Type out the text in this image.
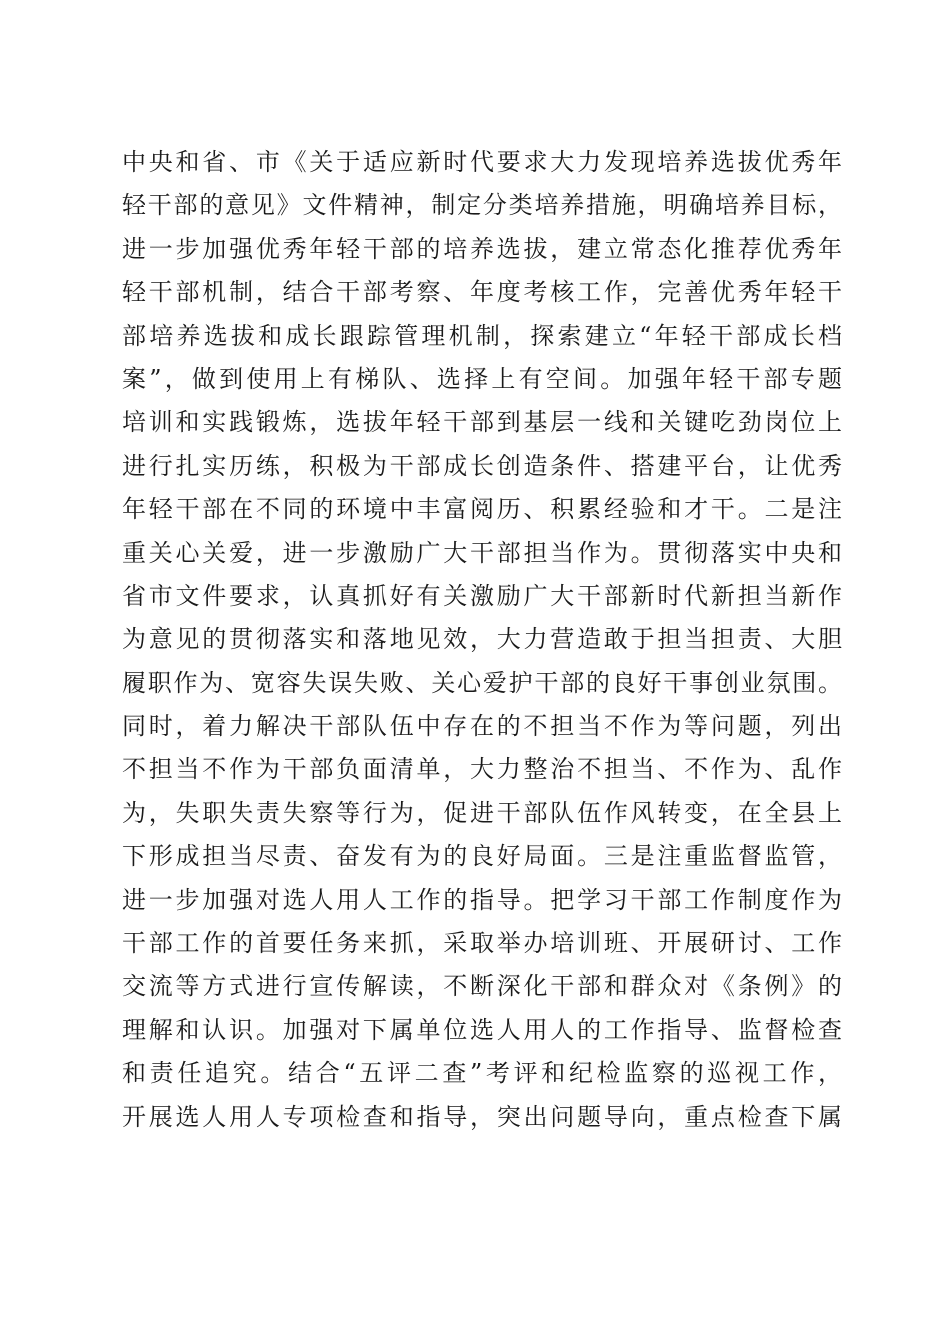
中央和省、市《关于适应新时代要求大力发现培养选拔优秀年
轻干部的意见》文件精神，制定分类培养措施，明确培养目标，
进一步加强优秀年轻干部的培养选拔，建立常态化推荐优秀年
轻干部机制，结合干部考察、年度考核工作，完善优秀年轻干
部培养选拔和成长跟踪管理机制，探索建立“年轻干部成长档
案”，做到使用上有梯队、选择上有空间。加强年轻干部专题
培训和实践锻炼，选拔年轻干部到基层一线和关键吃劲岗位上
进行扎实历练，积极为干部成长创造条件、搭建平台，让优秀
年轻干部在不同的环境中丰富阅历、积累经验和才干。二是注
重关心关爱，进一步激励广大干部担当作为。贯彻落实中央和
省市文件要求，认真抓好有关激励广大干部新时代新担当新作
为意见的贯彻落实和落地见效，大力营造敢于担当担责、大胆
履职作为、宽容失误失败、关心爱护干部的良好干事创业氛围。
同时，着力解决干部队伍中存在的不担当不作为等问题，列出
不担当不作为干部负面清单，大力整治不担当、不作为、乱作
为，失职失责失察等行为，促进干部队伍作风转变，在全县上
下形成担当尽责、奋发有为的良好局面。三是注重监督监管，
进一步加强对选人用人工作的指导。把学习干部工作制度作为
干部工作的首要任务来抓，采取举办培训班、开展研讨、工作
交流等方式进行宣传解读，不断深化干部和群众对《条例》的
理解和认识。加强对下属单位选人用人的工作指导、监督检查
和责任追究。结合“五评二查”考评和纪检监察的巡视工作，
开展选人用人专项检查和指导，突出问题导向，重点检查下属
